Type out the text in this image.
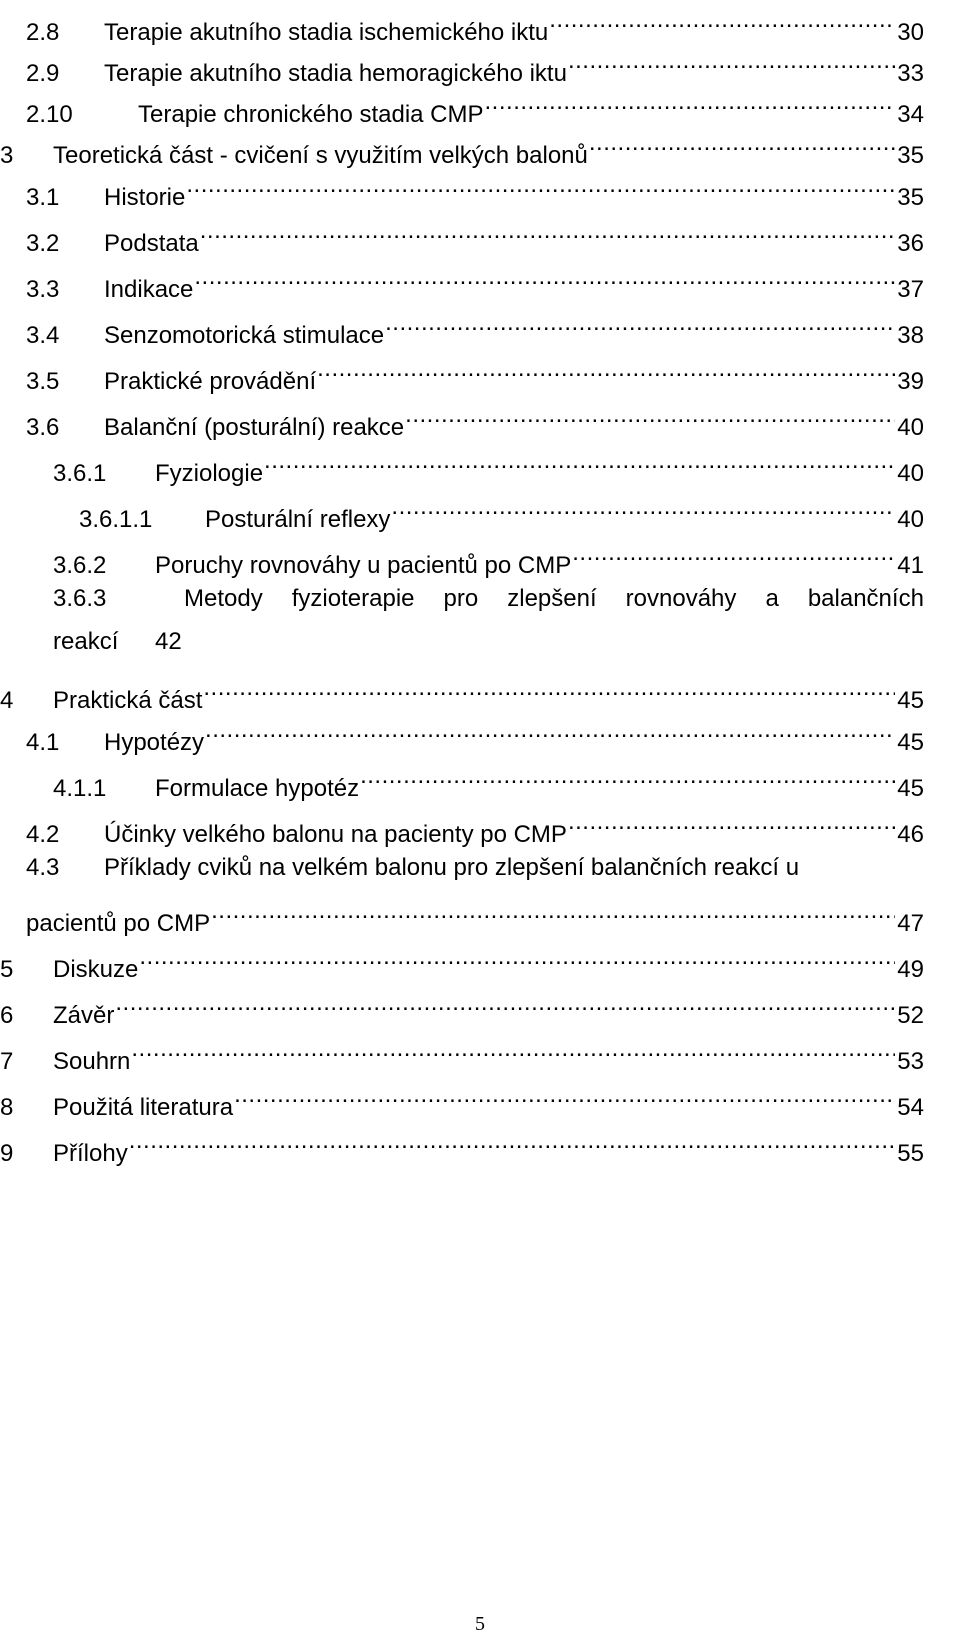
2.8	Terapie akutního stadia ischemického iktu .....	30
2.9	Terapie akutního stadia hemoragického iktu .....	33
2.10	Terapie chronického stadia CMP .....	34
3	Teoretická část - cvičení s využitím velkých balonů .....	35
3.1	Historie .....	35
3.2	Podstata .....	36
3.3	Indikace .....	37
3.4	Senzomotorická stimulace .....	38
3.5	Praktické provádění .....	39
3.6	Balanční (posturální) reakce .....	40
3.6.1	Fyziologie .....	40
3.6.1.1	Posturální reflexy .....	40
3.6.2	Poruchy rovnováhy u pacientů po CMP .....	41
3.6.3	Metody fyzioterapie pro zlepšení rovnováhy a balančních
reakcí 42
4	Praktická část .....	45
4.1	Hypotézy .....	45
4.1.1	Formulace hypotéz .....	45
4.2	Účinky velkého balonu na pacienty po CMP .....	46
4.3 Příklady cviků na velkém balonu pro zlepšení balančních reakcí u
pacientů po CMP .....	47
5	Diskuze .....	49
6	Závěr .....	52
7	Souhrn .....	53
8	Použitá literatura .....	54
9	Přílohy .....	55
5
